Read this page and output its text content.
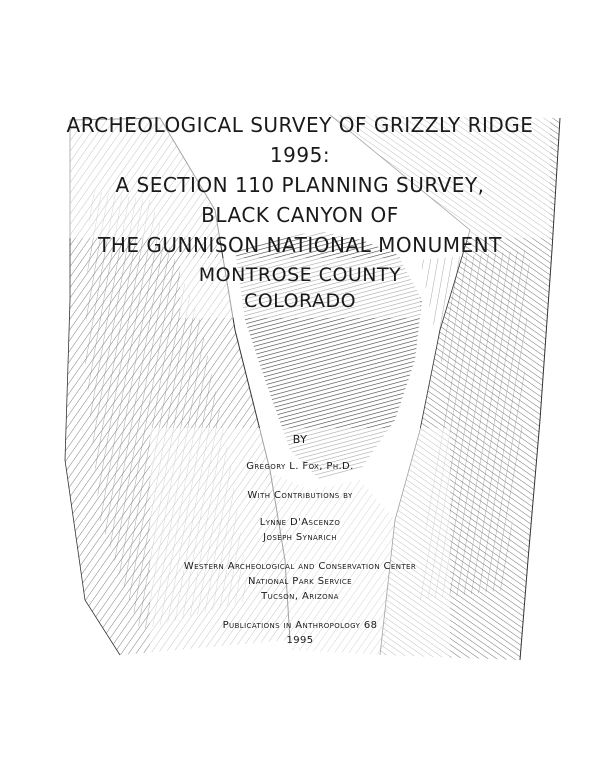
ARCHEOLOGICAL SURVEY OF GRIZZLY RIDGE
1995:
A SECTION 110 PLANNING SURVEY,
BLACK CANYON OF
THE GUNNISON NATIONAL MONUMENT
MONTROSE COUNTY
COLORADO
BY
Gregory L. Fox, Ph.D.
With Contributions by
Lynne D'Ascenzo
Joseph Synarich
Western Archeological and Conservation Center
National Park Service
Tucson, Arizona
Publications in Anthropology 68
1995
